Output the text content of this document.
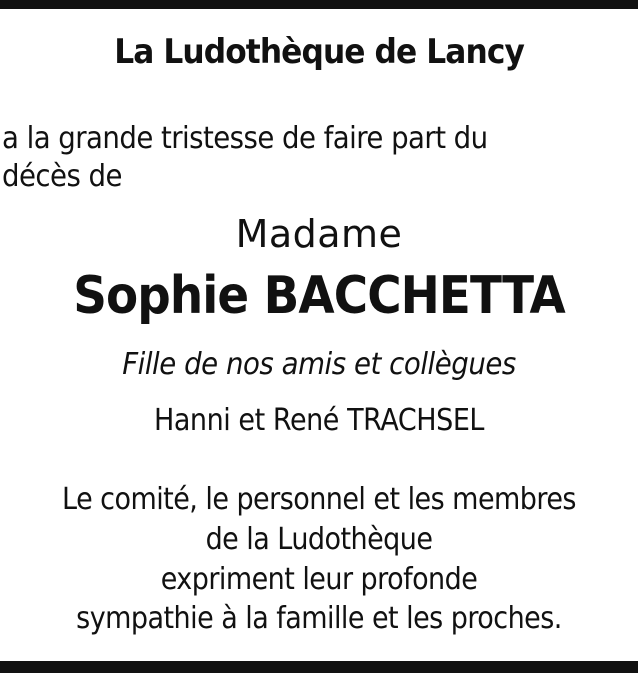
La Ludothèque de Lancy

a la grande tristesse de faire part du

décès de

Madame

Sophie BACCHETTA

Fille de nos amis et collègues

Hanni et René TRACHSEL

Le comité, le personnel et les membres

de la Ludothèque

expriment leur profonde

sympathie à la famille et les proches.
